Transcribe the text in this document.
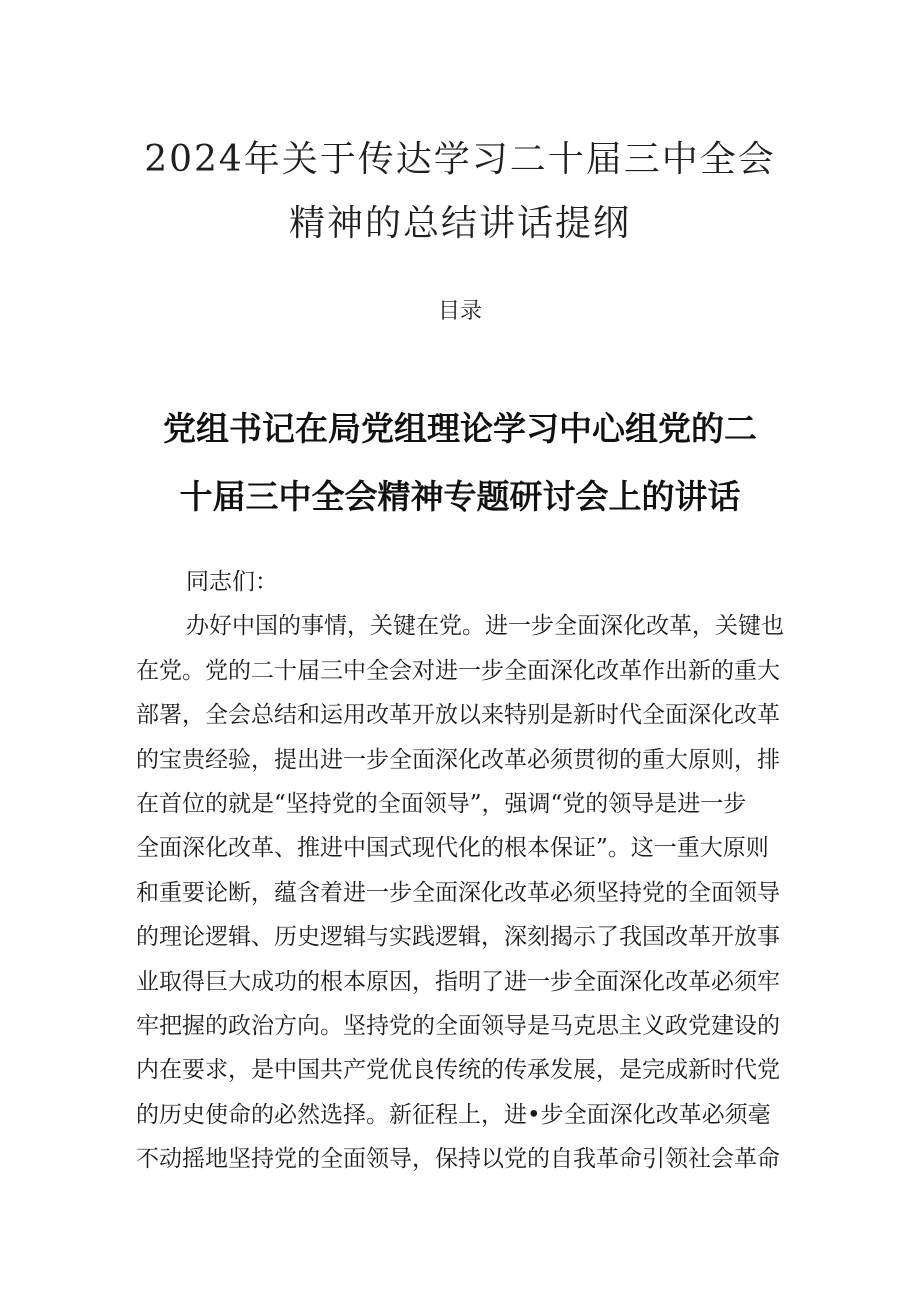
2024年关于传达学习二十届三中全会
精神的总结讲话提纲
目录
党组书记在局党组理论学习中心组党的二
十届三中全会精神专题研讨会上的讲话
同志们：
办好中国的事情，关键在党。进一步全面深化改革，关键也
在党。党的二十届三中全会对进一步全面深化改革作出新的重大
部署，全会总结和运用改革开放以来特别是新时代全面深化改革
的宝贵经验，提出进一步全面深化改革必须贯彻的重大原则，排
在首位的就是“坚持党的全面领导”，强调“党的领导是进一步
全面深化改革、推进中国式现代化的根本保证”。这一重大原则
和重要论断，蕴含着进一步全面深化改革必须坚持党的全面领导
的理论逻辑、历史逻辑与实践逻辑，深刻揭示了我国改革开放事
业取得巨大成功的根本原因，指明了进一步全面深化改革必须牢
牢把握的政治方向。坚持党的全面领导是马克思主义政党建设的
内在要求，是中国共产党优良传统的传承发展，是完成新时代党
的历史使命的必然选择。新征程上，进•步全面深化改革必须毫
不动摇地坚持党的全面领导，保持以党的自我革命引领社会革命
